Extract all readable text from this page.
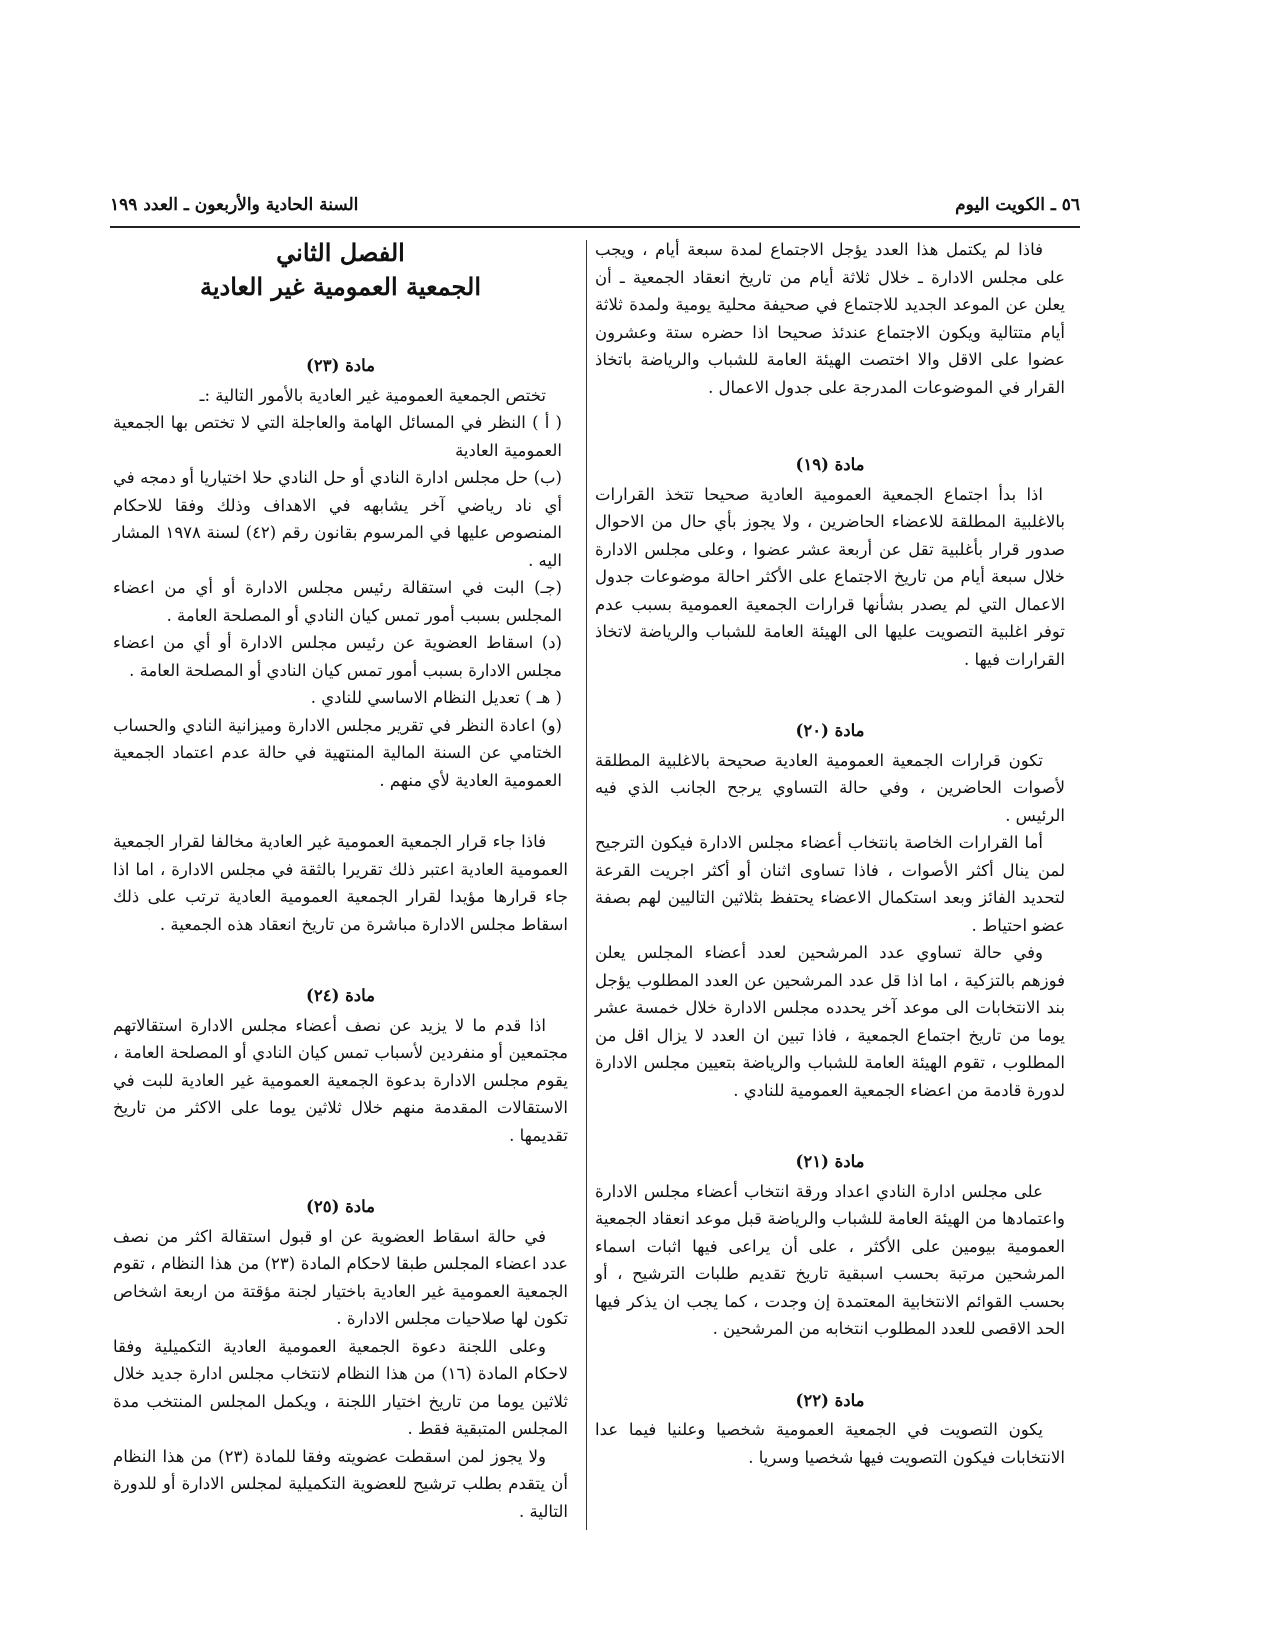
٥٦ ـ الكويت اليوم
السنة الحادية والأربعون ـ العدد ١٩٩

فاذا لم يكتمل هذا العدد يؤجل الاجتماع لمدة سبعة أيام ، ويجب على مجلس الادارة ـ خلال ثلاثة أيام من تاريخ انعقاد الجمعية ـ أن يعلن عن الموعد الجديد للاجتماع في صحيفة محلية يومية ولمدة ثلاثة أيام متتالية ويكون الاجتماع عندئذ صحيحا اذا حضره ستة وعشرون عضوا على الاقل والا اختصت الهيئة العامة للشباب والرياضة باتخاذ القرار في الموضوعات المدرجة على جدول الاعمال .

مادة (١٩)

اذا بدأ اجتماع الجمعية العمومية العادية صحيحا تتخذ القرارات بالاغلبية المطلقة للاعضاء الحاضرين ، ولا يجوز بأي حال من الاحوال صدور قرار بأغلبية تقل عن أربعة عشر عضوا ، وعلى مجلس الادارة خلال سبعة أيام من تاريخ الاجتماع على الأكثر احالة موضوعات جدول الاعمال التي لم يصدر بشأنها قرارات الجمعية العمومية بسبب عدم توفر اغلبية التصويت عليها الى الهيئة العامة للشباب والرياضة لاتخاذ القرارات فيها .

مادة (٢٠)

تكون قرارات الجمعية العمومية العادية صحيحة بالاغلبية المطلقة لأصوات الحاضرين ، وفي حالة التساوي يرجح الجانب الذي فيه الرئيس .

أما القرارات الخاصة بانتخاب أعضاء مجلس الادارة فيكون الترجيح لمن ينال أكثر الأصوات ، فاذا تساوى اثنان أو أكثر اجريت القرعة لتحديد الفائز وبعد استكمال الاعضاء يحتفظ بثلاثين التاليين لهم بصفة عضو احتياط .

وفي حالة تساوي عدد المرشحين لعدد أعضاء المجلس يعلن فوزهم بالتزكية ، اما اذا قل عدد المرشحين عن العدد المطلوب يؤجل بند الانتخابات الى موعد آخر يحدده مجلس الادارة خلال خمسة عشر يوما من تاريخ اجتماع الجمعية ، فاذا تبين ان العدد لا يزال اقل من المطلوب ، تقوم الهيئة العامة للشباب والرياضة بتعيين مجلس الادارة لدورة قادمة من اعضاء الجمعية العمومية للنادي .

مادة (٢١)

على مجلس ادارة النادي اعداد ورقة انتخاب أعضاء مجلس الادارة واعتمادها من الهيئة العامة للشباب والرياضة قبل موعد انعقاد الجمعية العمومية بيومين على الأكثر ، على أن يراعى فيها اثبات اسماء المرشحين مرتبة بحسب اسبقية تاريخ تقديم طلبات الترشيح ، أو بحسب القوائم الانتخابية المعتمدة إن وجدت ، كما يجب ان يذكر فيها الحد الاقصى للعدد المطلوب انتخابه من المرشحين .

مادة (٢٢)

يكون التصويت في الجمعية العمومية شخصيا وعلنيا فيما عدا الانتخابات فيكون التصويت فيها شخصيا وسريا .

الفصل الثاني
الجمعية العمومية غير العادية
مادة (٢٣)

تختص الجمعية العمومية غير العادية بالأمور التالية :ـ

( أ ) النظر في المسائل الهامة والعاجلة التي لا تختص بها الجمعية العمومية العادية

(ب) حل مجلس ادارة النادي أو حل النادي حلا اختياريا أو دمجه في أي ناد رياضي آخر يشابهه في الاهداف وذلك وفقا للاحكام المنصوص عليها في المرسوم بقانون رقم (٤٢) لسنة ١٩٧٨ المشار اليه .

(جـ) البت في استقالة رئيس مجلس الادارة أو أي من اعضاء المجلس بسبب أمور تمس كيان النادي أو المصلحة العامة .

(د) اسقاط العضوية عن رئيس مجلس الادارة أو أي من اعضاء مجلس الادارة بسبب أمور تمس كيان النادي أو المصلحة العامة .

( هـ ) تعديل النظام الاساسي للنادي .

(و) اعادة النظر في تقرير مجلس الادارة وميزانية النادي والحساب الختامي عن السنة المالية المنتهية في حالة عدم اعتماد الجمعية العمومية العادية لأي منهم .

فاذا جاء قرار الجمعية العمومية غير العادية مخالفا لقرار الجمعية العمومية العادية اعتبر ذلك تقريرا بالثقة في مجلس الادارة ، اما اذا جاء قرارها مؤيدا لقرار الجمعية العمومية العادية ترتب على ذلك اسقاط مجلس الادارة مباشرة من تاريخ انعقاد هذه الجمعية .

مادة (٢٤)

اذا قدم ما لا يزيد عن نصف أعضاء مجلس الادارة استقالاتهم مجتمعين أو منفردين لأسباب تمس كيان النادي أو المصلحة العامة ، يقوم مجلس الادارة بدعوة الجمعية العمومية غير العادية للبت في الاستقالات المقدمة منهم خلال ثلاثين يوما على الاكثر من تاريخ تقديمها .

مادة (٢٥)

في حالة اسقاط العضوية عن او قبول استقالة اكثر من نصف عدد اعضاء المجلس طبقا لاحكام المادة (٢٣) من هذا النظام ، تقوم الجمعية العمومية غير العادية باختيار لجنة مؤقتة من اربعة اشخاص تكون لها صلاحيات مجلس الادارة .

وعلى اللجنة دعوة الجمعية العمومية العادية التكميلية وفقا لاحكام المادة (١٦) من هذا النظام لانتخاب مجلس ادارة جديد خلال ثلاثين يوما من تاريخ اختيار اللجنة ، ويكمل المجلس المنتخب مدة المجلس المتبقية فقط .

ولا يجوز لمن اسقطت عضويته وفقا للمادة (٢٣) من هذا النظام أن يتقدم بطلب ترشيح للعضوية التكميلية لمجلس الادارة أو للدورة التالية .
